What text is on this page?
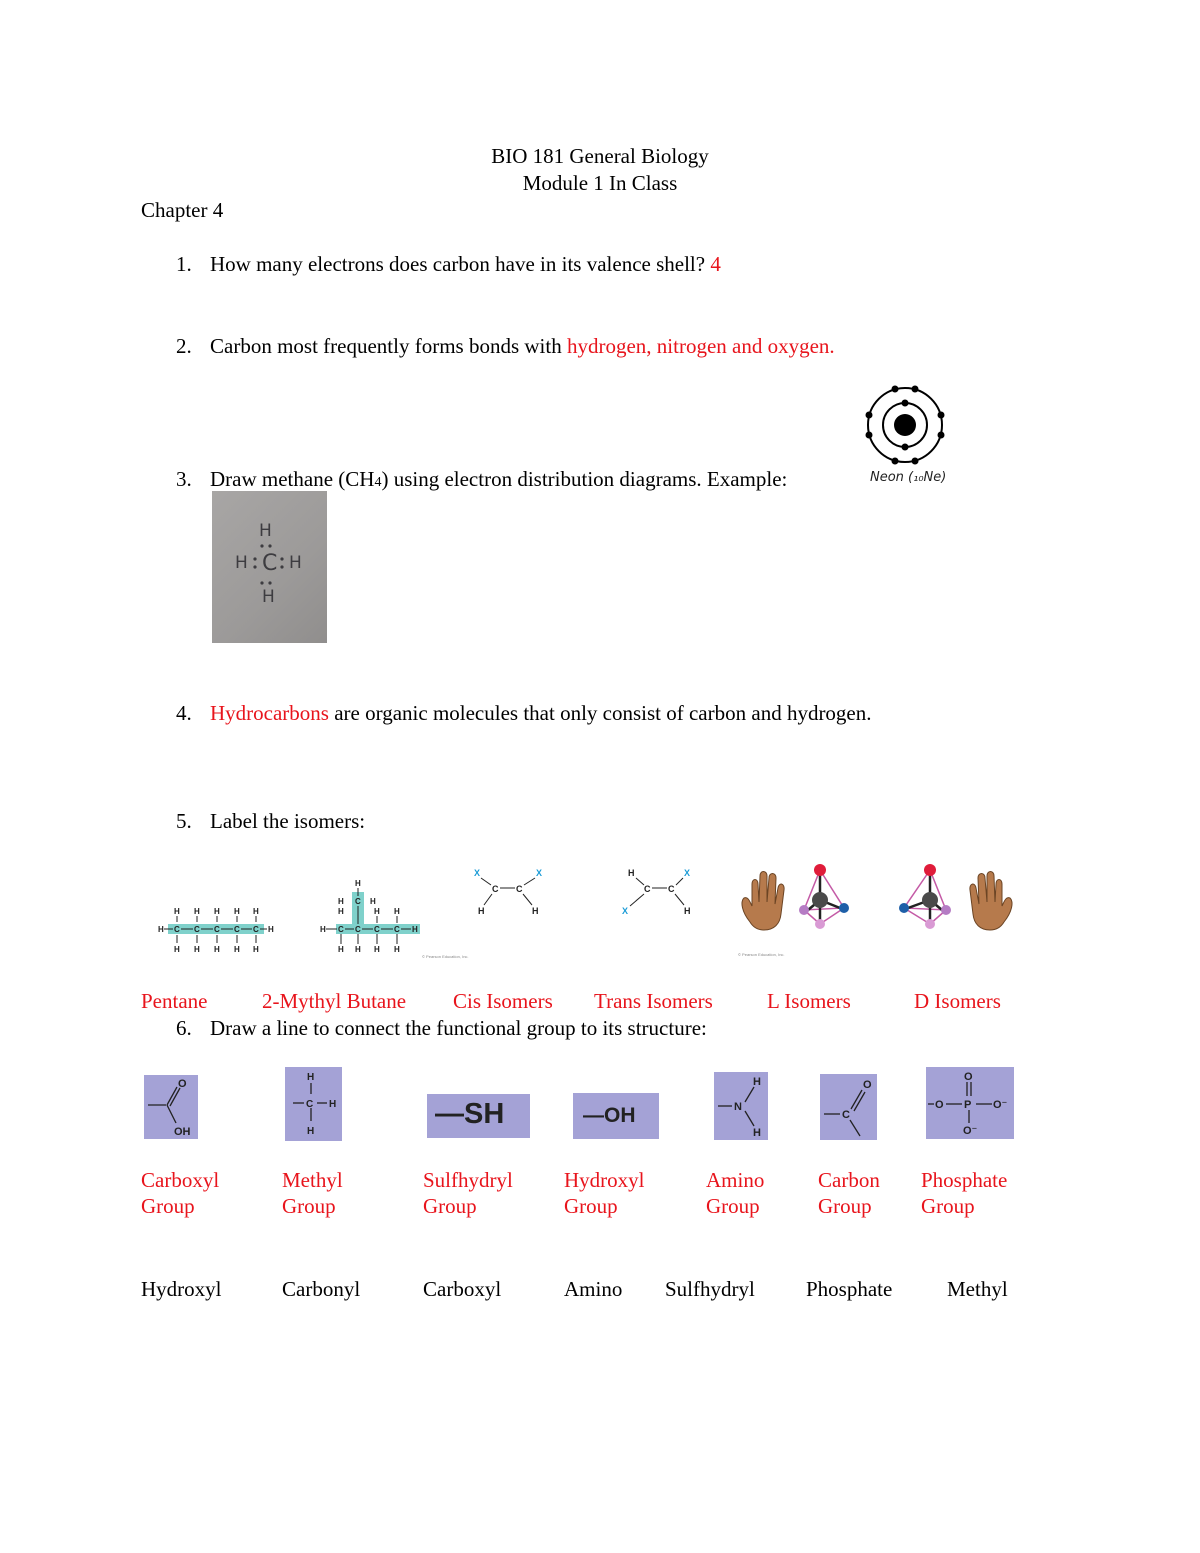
BIO 181 General Biology
Module 1 In Class
Chapter 4
1. How many electrons does carbon have in its valence shell? 4
2. Carbon most frequently forms bonds with hydrogen, nitrogen and oxygen.
3. Draw methane (CH4) using electron distribution diagrams. Example:	Neon (₁₀Ne)
H
H C H
H
4. Hydrocarbons are organic molecules that only consist of carbon and hydrogen.
5. Label the isomers:
H H H H H
H C C C C C H
H H H H H
H
H C H
H	H H
H C C C C H
H H H H
© Pearson Education, Inc.
X	X
C C
H	H
H	X
C C
X	H
© Pearson Education, Inc.
Pentane	2-Mythyl Butane Cis Isomers Trans Isomers	L Isomers	D Isomers
6. Draw a line to connect the functional group to its structure:
O
OH
H
C H
H
—SH	—OH
H
N
H
O
C
O
O P O⁻
O⁻
Carboxyl
Group
Methyl
Group
Sulfhydryl
Group
Hydroxyl
Group
Amino
Group
Carbon
Group
Phosphate
Group
Hydroxyl	Carbonyl	Carboxyl	Amino Sulfhydryl Phosphate	Methyl
